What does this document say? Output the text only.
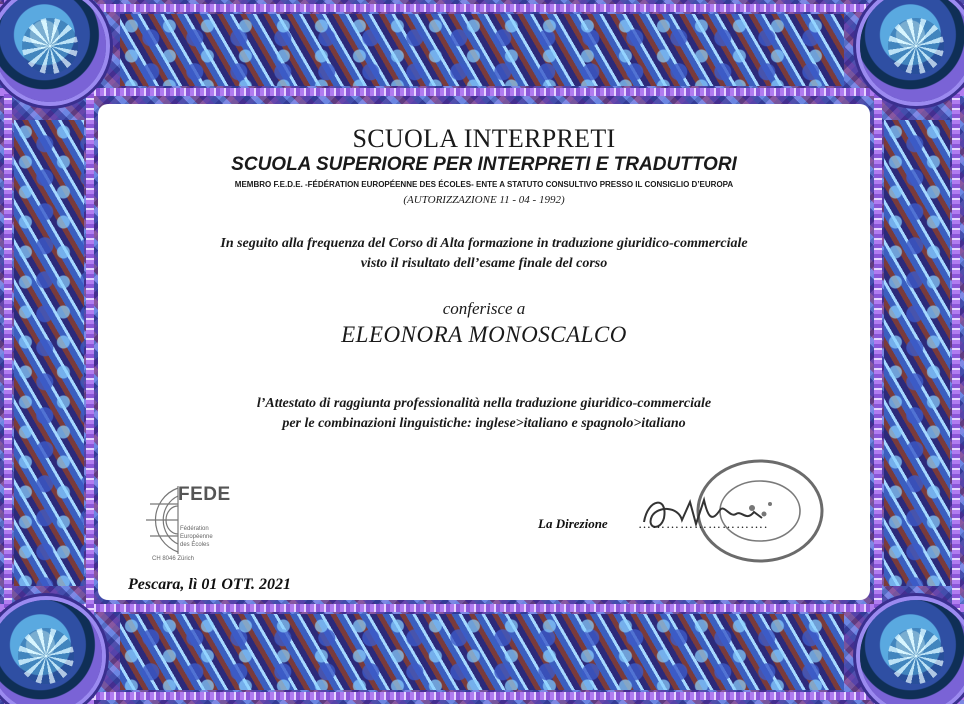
SCUOLA INTERPRETI
SCUOLA SUPERIORE PER INTERPRETI E TRADUTTORI
MEMBRO F.E.D.E. -FÉDÉRATION EUROPÉENNE DES ÉCOLES- ENTE A STATUTO CONSULTIVO PRESSO IL CONSIGLIO D’EUROPA
(AUTORIZZAZIONE 11 - 04 - 1992)
In seguito alla frequenza del Corso di Alta formazione in traduzione giuridico-commerciale
visto il risultato dell’esame finale del corso
conferisce a
ELEONORA MONOSCALCO
l’Attestato di raggiunta professionalità nella traduzione giuridico-commerciale
per le combinazioni linguistiche: inglese>italiano e spagnolo>italiano
FEDE
Fédération
Européenne
des Écoles
CH 8046 Zürich
La Direzione ……………………….
Pescara, lì 01 OTT. 2021
